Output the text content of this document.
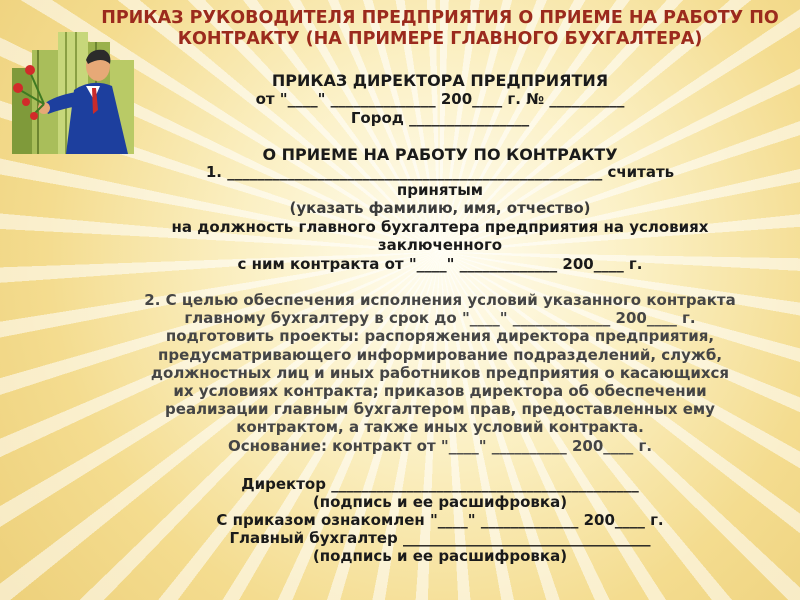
ПРИКАЗ РУКОВОДИТЕЛЯ ПРЕДПРИЯТИЯ О ПРИЕМЕ НА РАБОТУ ПО
КОНТРАКТУ (НА ПРИМЕРЕ ГЛАВНОГО БУХГАЛТЕРА)
ПРИКАЗ ДИРЕКТОРА ПРЕДПРИЯТИЯ
от "____" ______________ 200____ г. № __________
Город ________________
О ПРИЕМЕ НА РАБОТУ ПО КОНТРАКТУ
1. __________________________________________________ считать
принятым
(указать фамилию, имя, отчество)
на должность главного бухгалтера предприятия на условиях
заключенного
с ним контракта от "____" _____________ 200____ г.
2. С целью обеспечения исполнения условий указанного контракта
главному бухгалтеру в срок до "____" _____________ 200____ г.
подготовить проекты: распоряжения директора предприятия,
предусматривающего информирование подразделений, служб,
должностных лиц и иных работников предприятия о касающихся
их условиях контракта; приказов директора об обеспечении
реализации главным бухгалтером прав, предоставленных ему
контрактом, а также иных условий контракта.
Основание: контракт от "____" __________ 200____ г.
Директор _________________________________________
(подпись и ее расшифровка)
С приказом ознакомлен "____" _____________ 200____ г.
Главный бухгалтер _________________________________
(подпись и ее расшифровка)
